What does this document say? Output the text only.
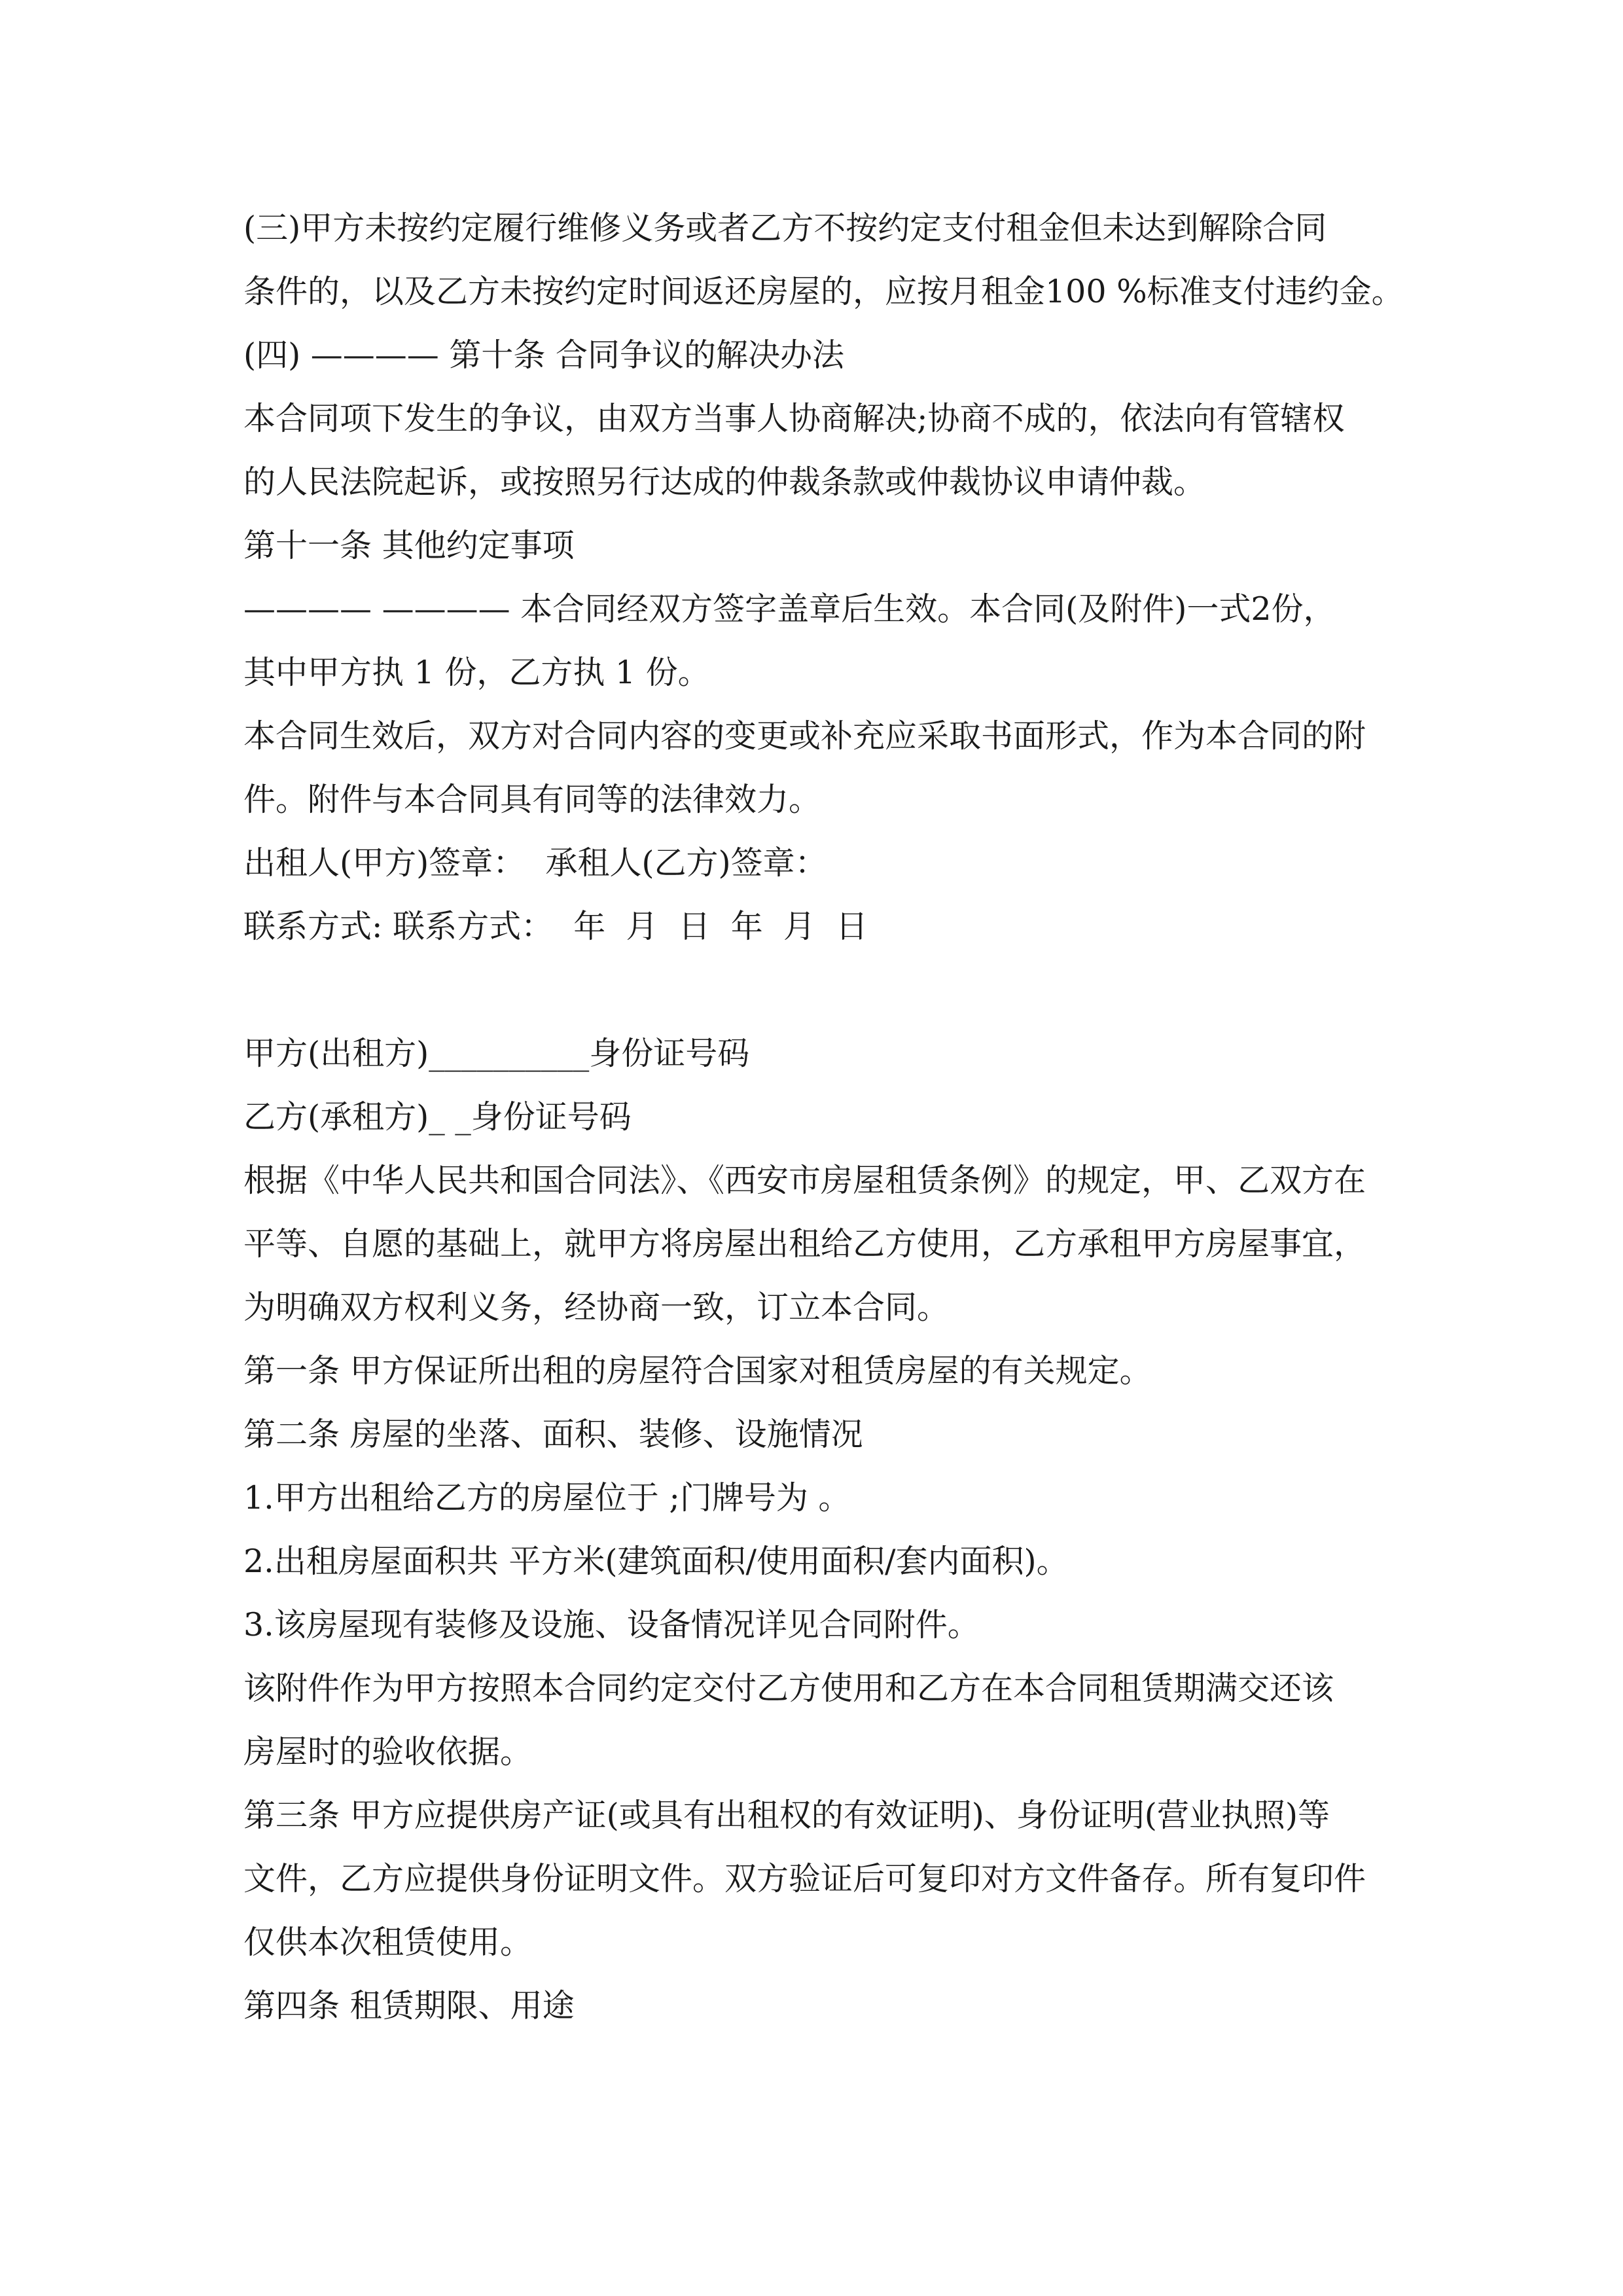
(三)甲方未按约定履行维修义务或者乙方不按约定支付租金但未达到解除合同
条件的，以及乙方未按约定时间返还房屋的，应按月租金100 %标准支付违约金。
(四) ———— 第十条 合同争议的解决办法
本合同项下发生的争议，由双方当事人协商解决;协商不成的，依法向有管辖权
的人民法院起诉，或按照另行达成的仲裁条款或仲裁协议申请仲裁。
第十一条 其他约定事项
———— ———— 本合同经双方签字盖章后生效。本合同(及附件)一式2份，
其中甲方执 1 份，乙方执 1 份。
本合同生效后，双方对合同内容的变更或补充应采取书面形式，作为本合同的附
件。附件与本合同具有同等的法律效力。
出租人(甲方)签章：  承租人(乙方)签章：
联系方式: 联系方式：  年  月  日  年  月  日
甲方(出租方)__________身份证号码
乙方(承租方)_ _身份证号码
根据《中华人民共和国合同法》、《西安市房屋租赁条例》的规定，甲、乙双方在
平等、自愿的基础上，就甲方将房屋出租给乙方使用，乙方承租甲方房屋事宜，
为明确双方权利义务，经协商一致，订立本合同。
第一条 甲方保证所出租的房屋符合国家对租赁房屋的有关规定。
第二条 房屋的坐落、面积、装修、设施情况
1.甲方出租给乙方的房屋位于 ;门牌号为 。
2.出租房屋面积共 平方米(建筑面积/使用面积/套内面积)。
3.该房屋现有装修及设施、设备情况详见合同附件。
该附件作为甲方按照本合同约定交付乙方使用和乙方在本合同租赁期满交还该
房屋时的验收依据。
第三条 甲方应提供房产证(或具有出租权的有效证明)、身份证明(营业执照)等
文件，乙方应提供身份证明文件。双方验证后可复印对方文件备存。所有复印件
仅供本次租赁使用。
第四条 租赁期限、用途
